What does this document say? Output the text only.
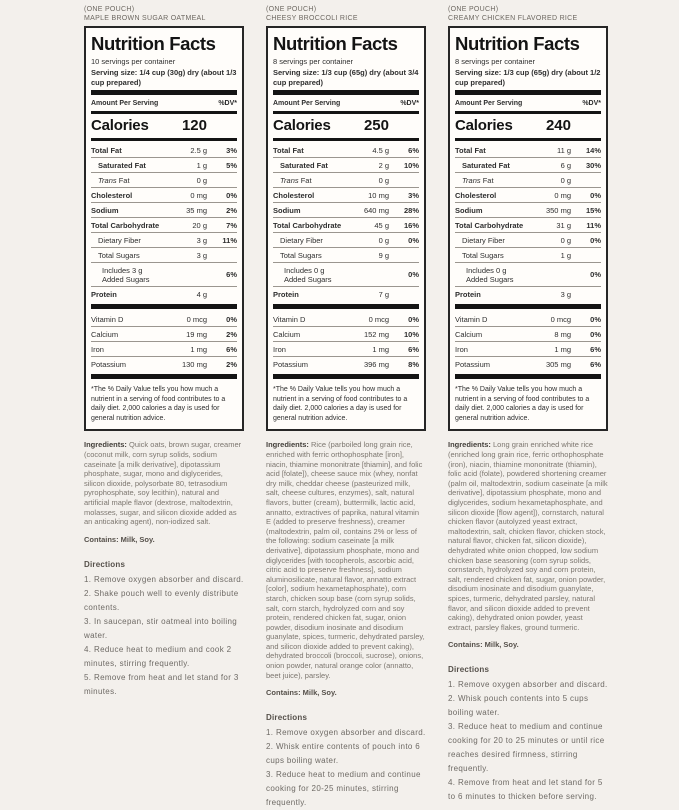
(ONE POUCH)
MAPLE BROWN SUGAR OATMEAL
Nutrition Facts
10 servings per container
Serving size: 1/4 cup (30g) dry (about 1/3 cup prepared)
Amount Per Serving	%DV*
Calories	120
Total Fat	2.5 g	3%
Saturated Fat	1 g	5%
Trans Fat	0 g
Cholesterol	0 mg	0%
Sodium	35 mg	2%
Total Carbohydrate	20 g	7%
Dietary Fiber	3 g	11%
Total Sugars	3 g
Includes 3 g Added Sugars	6%
Protein	4 g
Vitamin D	0 mcg	0%
Calcium	19 mg	2%
Iron	1 mg	6%
Potassium	130 mg	2%
*The % Daily Value tells you how much a nutrient in a serving of food contributes to a daily diet. 2,000 calories a day is used for general nutrition advice.

Ingredients: Quick oats, brown sugar, creamer (coconut milk, corn syrup solids, sodium caseinate [a milk derivative], dipotassium phosphate, sugar, mono and diglycerides, silicon dioxide, polysorbate 80, tetrasodium pyrophosphate, soy lecithin), natural and artificial maple flavor (dextrose, maltodextrin, molasses, sugar, and silicon dioxide added as an anticaking agent), non-iodized salt.

Contains: Milk, Soy.

Directions
1. Remove oxygen absorber and discard.
2. Shake pouch well to evenly distribute contents.
3. In saucepan, stir oatmeal into boiling water.
4. Reduce heat to medium and cook 2 minutes, stirring frequently.
5. Remove from heat and let stand for 3 minutes.
(ONE POUCH)
CHEESY BROCCOLI RICE
Nutrition Facts
8 servings per container
Serving size: 1/3 cup (65g) dry (about 3/4 cup prepared)
Amount Per Serving	%DV*
Calories	250
Total Fat	4.5 g	6%
Saturated Fat	2 g	10%
Trans Fat	0 g
Cholesterol	10 mg	3%
Sodium	640 mg	28%
Total Carbohydrate	45 g	16%
Dietary Fiber	0 g	0%
Total Sugars	9 g
Includes 0 g Added Sugars	0%
Protein	7 g
Vitamin D	0 mcg	0%
Calcium	152 mg	10%
Iron	1 mg	6%
Potassium	396 mg	8%
*The % Daily Value tells you how much a nutrient in a serving of food contributes to a daily diet. 2,000 calories a day is used for general nutrition advice.

Ingredients: Rice (parboiled long grain rice, enriched with ferric orthophosphate [iron], niacin, thiamine mononitrate [thiamin], and folic acid [folate]), cheese sauce mix (whey, nonfat dry milk, cheddar cheese (pasteurized milk, salt, cheese cultures, enzymes), salt, natural flavors, butter (cream), buttermilk, lactic acid, annatto, extractives of paprika, natural vitamin E (added to preserve freshness), creamer (maltodextrin, palm oil, contains 2% or less of the following: sodium caseinate [a milk derivative], dipotassium phosphate, mono and diglycerides [with tocopherols, ascorbic acid, citric acid to preserve freshness], sodium aluminosilicate, natural flavor, annatto extract [color], sodium hexametaphosphate), corn starch, chicken soup base (corn syrup solids, salt, corn starch, hydrolyzed corn and soy protein, rendered chicken fat, sugar, onion powder, disodium inosinate and disodium guanylate, spices, turmeric, dehydrated parsley, and silicon dioxide added to prevent caking), dehydrated broccoli (broccoli, sucrose), onions, onion powder, natural orange color (annatto, beet juice), parsley.

Contains: Milk, Soy.

Directions
1. Remove oxygen absorber and discard.
2. Whisk entire contents of pouch into 6 cups boiling water.
3. Reduce heat to medium and continue cooking for 20-25 minutes, stirring frequently.
(ONE POUCH)
CREAMY CHICKEN FLAVORED RICE
Nutrition Facts
8 servings per container
Serving size: 1/3 cup (65g) dry (about 1/2 cup prepared)
Amount Per Serving	%DV*
Calories	240
Total Fat	11 g	14%
Saturated Fat	6 g	30%
Trans Fat	0 g
Cholesterol	0 mg	0%
Sodium	350 mg	15%
Total Carbohydrate	31 g	11%
Dietary Fiber	0 g	0%
Total Sugars	1 g
Includes 0 g Added Sugars	0%
Protein	3 g
Vitamin D	0 mcg	0%
Calcium	8 mg	0%
Iron	1 mg	6%
Potassium	305 mg	6%
*The % Daily Value tells you how much a nutrient in a serving of food contributes to a daily diet. 2,000 calories a day is used for general nutrition advice.

Ingredients: Long grain enriched white rice (enriched long grain rice, ferric orthophosphate (iron), niacin, thiamine mononitrate (thiamin), folic acid (folate), powdered shortening creamer (palm oil, maltodextrin, sodium caseinate [a milk derivative], dipotassium phosphate, mono and diglycerides, sodium hexametaphosphate, and silicon dioxide [flow agent]), cornstarch, natural chicken flavor (autolyzed yeast extract, maltodextrin, salt, chicken flavor, chicken stock, natural flavor, chicken fat, silicon dioxide), dehydrated white onion chopped, low sodium chicken base seasoning (corn syrup solids, cornstarch, hydrolyzed soy and corn protein, salt, rendered chicken fat, sugar, onion powder, disodium inosinate and disodium guanylate, spices, turmeric, dehydrated parsley, natural flavor, and silicon dioxide added to prevent caking), dehydrated onion powder, yeast extract, parsley flakes, ground turmeric.

Contains: Milk, Soy.

Directions
1. Remove oxygen absorber and discard.
2. Whisk pouch contents into 5 cups boiling water.
3. Reduce heat to medium and continue cooking for 20 to 25 minutes or until rice reaches desired firmness, stirring frequently.
4. Remove from heat and let stand for 5 to 6 minutes to thicken before serving.
